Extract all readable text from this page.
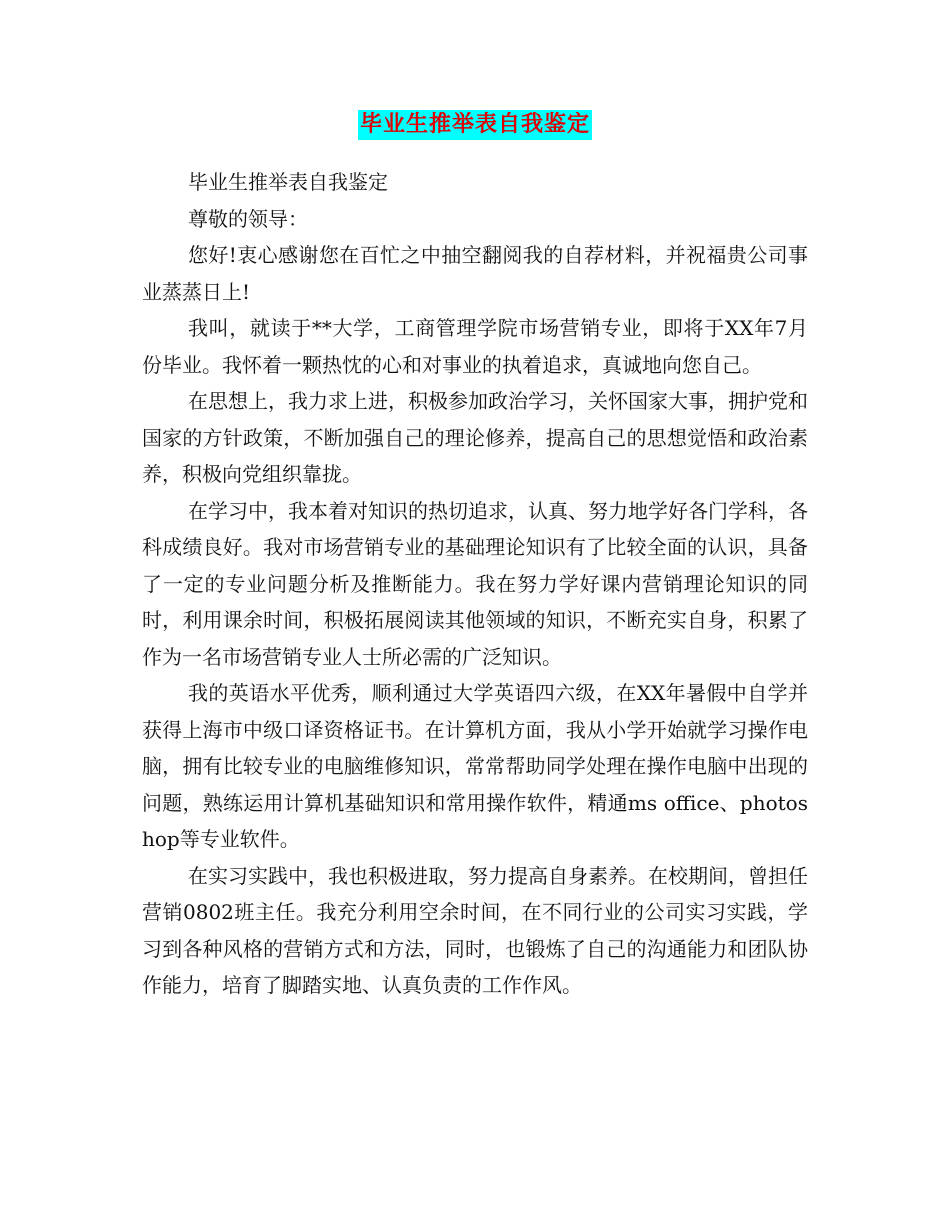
毕业生推举表自我鉴定

毕业生推举表自我鉴定

尊敬的领导：

您好!衷心感谢您在百忙之中抽空翻阅我的自荐材料，并祝福贵公司事业蒸蒸日上!

我叫，就读于**大学，工商管理学院市场营销专业，即将于XX年7月份毕业。我怀着一颗热忱的心和对事业的执着追求，真诚地向您自己。

在思想上，我力求上进，积极参加政治学习，关怀国家大事，拥护党和国家的方针政策，不断加强自己的理论修养，提高自己的思想觉悟和政治素养，积极向党组织靠拢。

在学习中，我本着对知识的热切追求，认真、努力地学好各门学科，各科成绩良好。我对市场营销专业的基础理论知识有了比较全面的认识，具备了一定的专业问题分析及推断能力。我在努力学好课内营销理论知识的同时，利用课余时间，积极拓展阅读其他领域的知识，不断充实自身，积累了作为一名市场营销专业人士所必需的广泛知识。

我的英语水平优秀，顺利通过大学英语四六级，在XX年暑假中自学并获得上海市中级口译资格证书。在计算机方面，我从小学开始就学习操作电脑，拥有比较专业的电脑维修知识，常常帮助同学处理在操作电脑中出现的问题，熟练运用计算机基础知识和常用操作软件，精通ms office、photoshop等专业软件。

在实习实践中，我也积极进取，努力提高自身素养。在校期间，曾担任营销0802班主任。我充分利用空余时间，在不同行业的公司实习实践，学习到各种风格的营销方式和方法，同时，也锻炼了自己的沟通能力和团队协作能力，培育了脚踏实地、认真负责的工作作风。
